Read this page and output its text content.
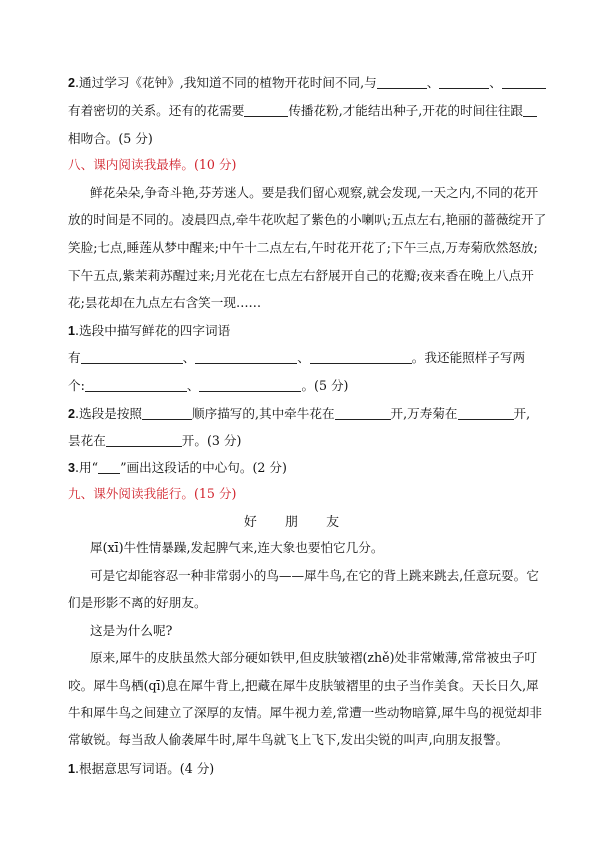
2.通过学习《花钟》,我知道不同的植物开花时间不同,与	、	、
有着密切的关系。还有的花需要	传播花粉,才能结出种子,开花的时间往往跟
相吻合。(5 分)
八、课内阅读我最棒。(10 分)
鲜花朵朵,争奇斗艳,芬芳迷人。要是我们留心观察,就会发现,一天之内,不同的花开
放的时间是不同的。凌晨四点,牵牛花吹起了紫色的小喇叭;五点左右,艳丽的蔷薇绽开了
笑脸;七点,睡莲从梦中醒来;中午十二点左右,午时花开花了;下午三点,万寿菊欣然怒放;
下午五点,紫茉莉苏醒过来;月光花在七点左右舒展开自己的花瓣;夜来香在晚上八点开
花;昙花却在九点左右含笑一现……
1.选段中描写鲜花的四字词语
有	、	、	。我还能照样子写两
个:	、	。(5 分)
2.选段是按照	顺序描写的,其中牵牛花在	开,万寿菊在	开,
昙花在	开。(3 分)
3.用“ ”画出这段话的中心句。(2 分)
九、课外阅读我能行。(15 分)
好 朋 友
犀(xī)牛性情暴躁,发起脾气来,连大象也要怕它几分。
可是它却能容忍一种非常弱小的鸟——犀牛鸟,在它的背上跳来跳去,任意玩耍。它
们是形影不离的好朋友。
这是为什么呢?
原来,犀牛的皮肤虽然大部分硬如铁甲,但皮肤皱褶(zhě)处非常嫩薄,常常被虫子叮
咬。犀牛鸟栖(qī)息在犀牛背上,把藏在犀牛皮肤皱褶里的虫子当作美食。天长日久,犀
牛和犀牛鸟之间建立了深厚的友情。犀牛视力差,常遭一些动物暗算,犀牛鸟的视觉却非
常敏锐。每当敌人偷袭犀牛时,犀牛鸟就飞上飞下,发出尖锐的叫声,向朋友报警。
1.根据意思写词语。(4 分)
